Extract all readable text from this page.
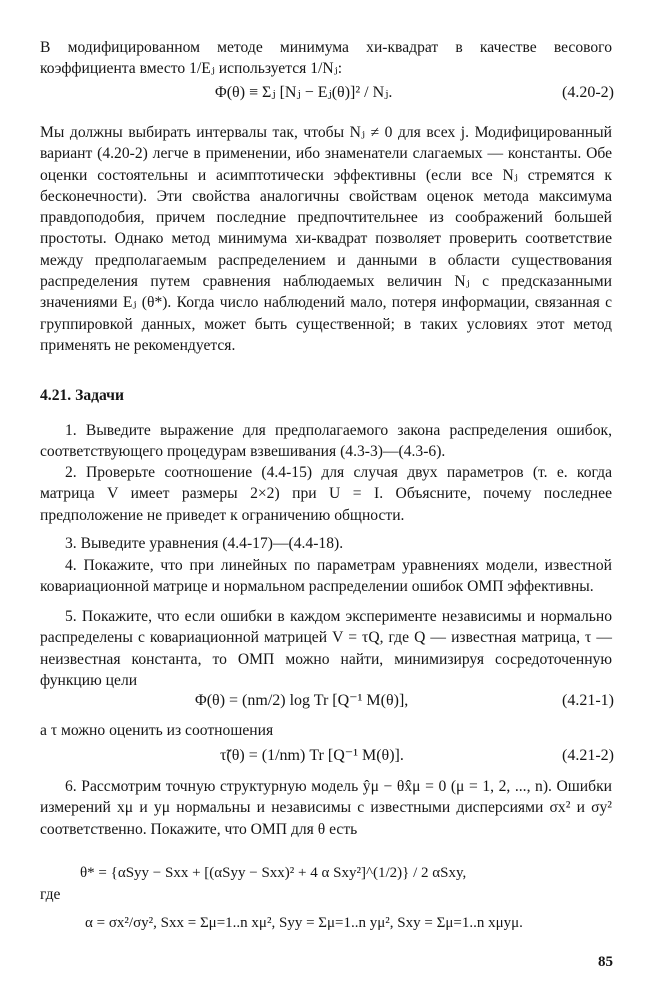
В модифицированном методе минимума хи-квадрат в качестве весового коэффициента вместо 1/Eⱼ используется 1/Nⱼ:

Φ(θ) ≡ Σⱼ [Nⱼ − Eⱼ(θ)]² / Nⱼ.	(4.20-2)

Мы должны выбирать интервалы так, чтобы Nⱼ ≠ 0 для всех j. Модифицированный вариант (4.20-2) легче в применении, ибо знаменатели слагаемых — константы. Обе оценки состоятельны и асимптотически эффективны (если все Nⱼ стремятся к бесконечности). Эти свойства аналогичны свойствам оценок метода максимума правдоподобия, причем последние предпочтительнее из соображений большей простоты. Однако метод минимума хи-квадрат позволяет проверить соответствие между предполагаемым распределением и данными в области существования распределения путем сравнения наблюдаемых величин Nⱼ с предсказанными значениями Eⱼ (θ*). Когда число наблюдений мало, потеря информации, связанная с группировкой данных, может быть существенной; в таких условиях этот метод применять не рекомендуется.

4.21. Задачи

1. Выведите выражение для предполагаемого закона распределения ошибок, соответствующего процедурам взвешивания (4.3-3)—(4.3-6).

2. Проверьте соотношение (4.4-15) для случая двух параметров (т. е. когда матрица V имеет размеры 2×2) при U = I. Объясните, почему последнее предположение не приведет к ограничению общности.

3. Выведите уравнения (4.4-17)—(4.4-18).

4. Покажите, что при линейных по параметрам уравнениях модели, известной ковариационной матрице и нормальном распределении ошибок ОМП эффективны.

5. Покажите, что если ошибки в каждом эксперименте независимы и нормально распределены с ковариационной матрицей V = τQ, где Q — известная матрица, τ — неизвестная константа, то ОМП можно найти, минимизируя сосредоточенную функцию цели

Φ(θ) = (nm/2) log Tr [Q⁻¹ M(θ)],	(4.21-1)

а τ можно оценить из соотношения

τ̃(θ) = (1/nm) Tr [Q⁻¹ M(θ)].	(4.21-2)

6. Рассмотрим точную структурную модель ŷμ − θx̂μ = 0 (μ = 1, 2, ..., n). Ошибки измерений xμ и yμ нормальны и независимы с известными дисперсиями σx² и σy² соответственно. Покажите, что ОМП для θ есть

θ* = {αSyy − Sxx + [(αSyy − Sxx)² + 4 α Sxy²]^(1/2)} / 2 αSxy,
где
α = σx²/σy², Sxx = Σμ=1..n xμ², Syy = Σμ=1..n yμ², Sxy = Σμ=1..n xμyμ.
85
